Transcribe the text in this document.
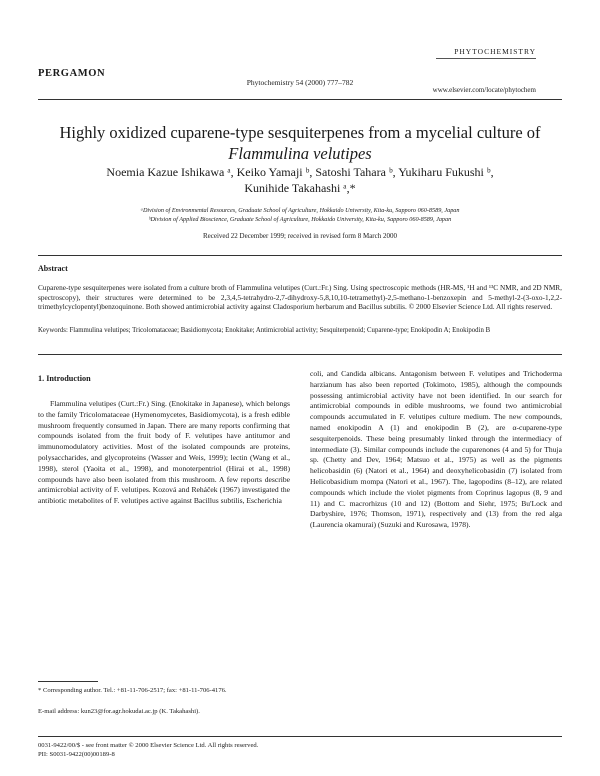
PERGAMON
Phytochemistry 54 (2000) 777–782
PHYTOCHEMISTRY
www.elsevier.com/locate/phytochem
Highly oxidized cuparene-type sesquiterpenes from a mycelial culture of Flammulina velutipes
Noemia Kazue Ishikawa ᵃ, Keiko Yamaji ᵇ, Satoshi Tahara ᵇ, Yukiharu Fukushi ᵇ,
Kunihide Takahashi ᵃ,*
ᵃDivision of Environmental Resources, Graduate School of Agriculture, Hokkaido University, Kita-ku, Sapporo 060-8589, Japan
ᵇDivision of Applied Bioscience, Graduate School of Agriculture, Hokkaido University, Kita-ku, Sapporo 060-8589, Japan
Received 22 December 1999; received in revised form 8 March 2000
Abstract
Cuparene-type sesquiterpenes were isolated from a culture broth of Flammulina velutipes (Curt.:Fr.) Sing. Using spectroscopic methods (HR-MS, ¹H and ¹³C NMR, and 2D NMR, spectroscopy), their structures were determined to be 2,3,4,5-tetrahydro-2,7-dihydroxy-5,8,10,10-tetramethyl)-2,5-methano-1-benzoxepin and 5-methyl-2-(3-oxo-1,2,2-trimethylcyclopentyl)benzoquinone. Both showed antimicrobial activity against Cladosporium herbarum and Bacillus subtilis. © 2000 Elsevier Science Ltd. All rights reserved.
Keywords: Flammulina velutipes; Tricolomataceae; Basidiomycota; Enokitake; Antimicrobial activity; Sesquiterpenoid; Cuparene-type; Enokipodin A; Enokipodin B
1. Introduction

Flammulina velutipes (Curt.:Fr.) Sing. (Enokitake in Japanese), which belongs to the family Tricolomataceae (Hymenomycetes, Basidiomycota), is a fresh edible mushroom frequently consumed in Japan. There are many reports confirming that compounds isolated from the fruit body of F. velutipes have antitumor and immunomodulatory activities. Most of the isolated compounds are proteins, polysaccharides, and glycoproteins (Wasser and Weis, 1999); lectin (Wang et al., 1998), sterol (Yaoita et al., 1998), and monoterpentriol (Hirai et al., 1998) compounds have also been isolated from this mushroom. A few reports describe antimicrobial activity of F. velutipes. Kozová and Reháček (1967) investigated the antibiotic metabolites of F. velutipes active against Bacillus subtilis, Escherichia

coli, and Candida albicans. Antagonism between F. velutipes and Trichoderma harzianum has also been reported (Tokimoto, 1985), although the compounds possessing antimicrobial activity have not been identified. In our search for antimicrobial compounds in edible mushrooms, we found two antimicrobial compounds accumulated in F. velutipes culture medium. The new compounds, named enokipodin A (1) and enokipodin B (2), are α-cuparene-type sesquiterpenoids. These being presumably linked through the intermediacy of intermediate (3). Similar compounds include the cuparenones (4 and 5) for Thuja sp. (Chetty and Dev, 1964; Matsuo et al., 1975) as well as the pigments helicobasidin (6) (Natori et al., 1964) and deoxyhelicobasidin (7) isolated from Helicobasidium mompa (Natori et al., 1967). The, lagopodins (8–12), are related compounds which include the violet pigments from Coprinus lagopus (8, 9 and 11) and C. macrorhizus (10 and 12) (Bottom and Siehr, 1975; Bu'Lock and Darbyshire, 1976; Thomson, 1971), respectively and (13) from the red alga (Laurencia okamurai) (Suzuki and Kurosawa, 1978).

* Corresponding author. Tel.: +81-11-706-2517; fax: +81-11-706-4176.
E-mail address: kun23@for.agr.hokudai.ac.jp (K. Takahashi).
0031-9422/00/$ - see front matter © 2000 Elsevier Science Ltd. All rights reserved.
PII: S0031-9422(00)00189-8
